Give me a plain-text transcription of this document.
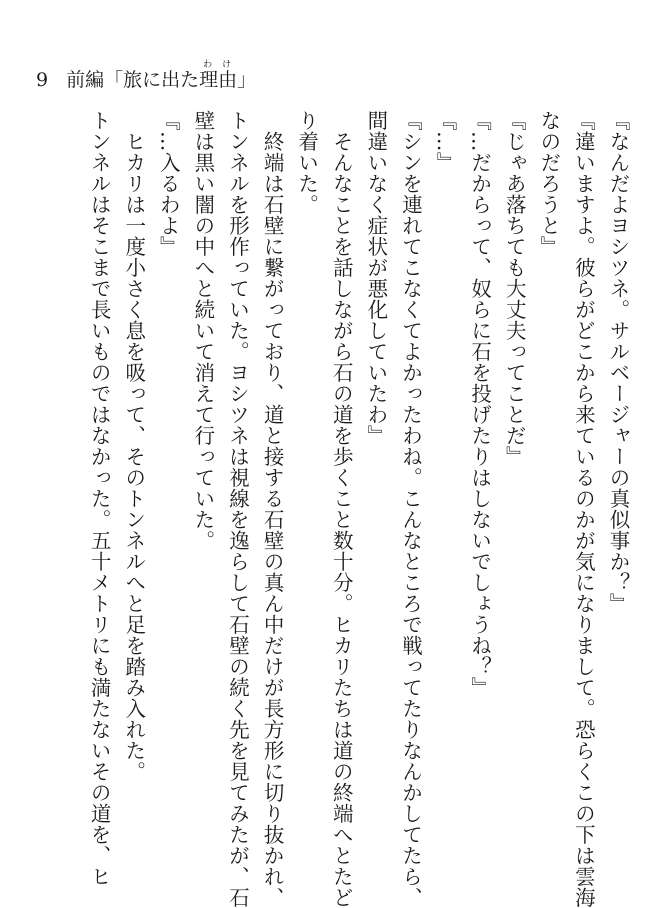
9 前編「旅に出た 理由わけ
」
『なんだよヨシツネ。サルベージャーの真似事か？』
『違いますよ。彼らがどこから来ているのかが気になりまして。恐らくこの下は雲海
なのだろうと』
『じゃあ落ちても大丈夫ってことだ』
『…だからって、奴らに石を投げたりはしないでしょうね？』
『…』
『シンを連れてこなくてよかったわね。こんなところで戦ってたりなんかしてたら、
間違いなく症状が悪化していたわ』
　そんなことを話しながら石の道を歩くこと数十分。ヒカリたちは道の終端へとたど
り着いた。
　終端は石壁に繋がっており、道と接する石壁の真ん中だけが長方形に切り抜かれ、
トンネルを形作っていた。ヨシツネは視線を逸らして石壁の続く先を見てみたが、石
壁は黒い闇の中へと続いて消えて行っていた。
『…入るわよ』
　ヒカリは一度小さく息を吸って、そのトンネルへと足を踏み入れた。
トンネルはそこまで長いものではなかった。五十メトリにも満たないその道を、ヒ
